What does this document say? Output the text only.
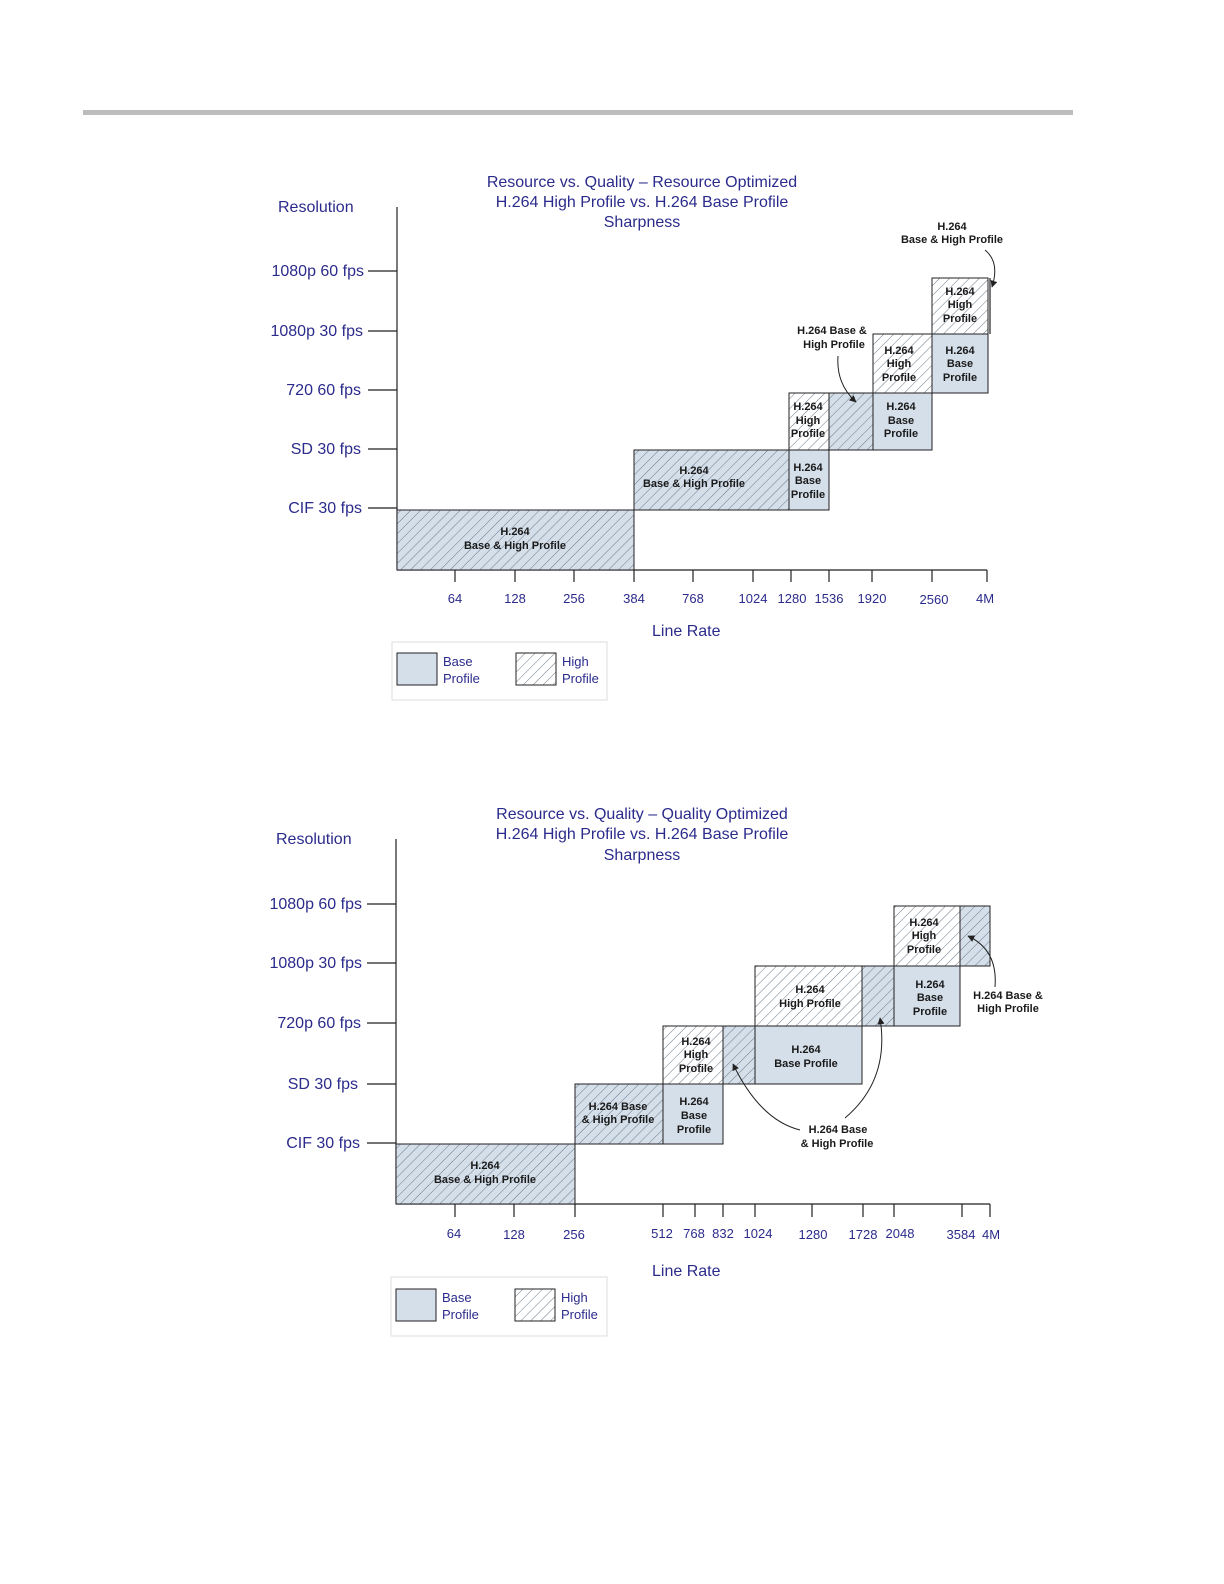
Resource vs. Quality – Resource Optimized
H.264 High Profile vs. H.264 Base Profile
Sharpness
Resolution
1080p 60 fps
1080p 30 fps
720 60 fps
SD 30 fps
CIF 30 fps
64	128	256	384	768	1024 1280 1536 1920	2560 4M
Line Rate
H.264
Base & High Profile
H.264
Base & High Profile
H.264
Base
Profile
H.264
High
Profile
H.264
Base
Profile
H.264
High
Profile
H.264
Base
Profile
H.264
High
Profile
H.264
Base & High Profile
H.264 Base &
High Profile
Base
Profile
High
Profile
Resource vs. Quality – Quality Optimized
H.264 High Profile vs. H.264 Base Profile
Sharpness
Resolution
1080p 60 fps
1080p 30 fps
720p 60 fps
SD 30 fps
CIF 30 fps
64	128	256	512 768 832 1024 1280 1728 2048 3584 4M
Line Rate
H.264
Base & High Profile
H.264 Base
& High Profile
H.264
Base
Profile
H.264
High
Profile
H.264
Base Profile
H.264
High Profile
H.264
Base
Profile
H.264
High
Profile
H.264 Base
& High Profile
H.264 Base &
High Profile
Base
Profile
High
Profile
